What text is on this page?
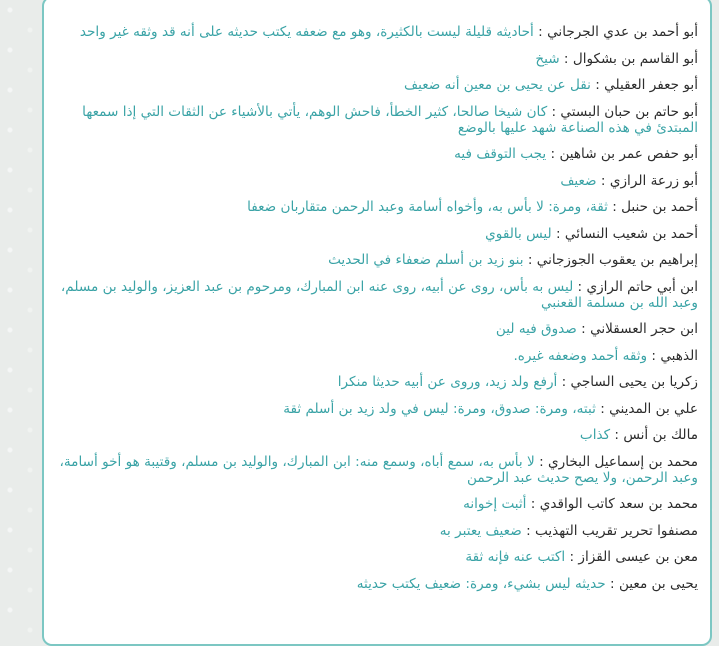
أبو أحمد بن عدي الجرجاني : أحاديثه قليلة ليست بالكثيرة، وهو مع ضعفه يكتب حديثه على أنه قد وثقه غير واحد
أبو القاسم بن بشكوال : شيخ
أبو جعفر العقيلي : نقل عن يحيى بن معين أنه ضعيف
أبو حاتم بن حبان البستي : كان شيخا صالحا، كثير الخطأ، فاحش الوهم، يأتي بالأشياء عن الثقات التي إذا سمعها المبتدئ في هذه الصناعة شهد عليها بالوضع
أبو حفص عمر بن شاهين : يجب التوقف فيه
أبو زرعة الرازي : ضعيف
أحمد بن حنبل : ثقة، ومرة: لا بأس به، وأخواه أسامة وعبد الرحمن متقاربان ضعفا
أحمد بن شعيب النسائي : ليس بالقوي
إبراهيم بن يعقوب الجوزجاني : بنو زيد بن أسلم ضعفاء في الحديث
ابن أبي حاتم الرازي : ليس به بأس، روى عن أبيه، روى عنه ابن المبارك، ومرحوم بن عبد العزيز، والوليد بن مسلم، وعبد الله بن مسلمة القعنبي
ابن حجر العسقلاني : صدوق فيه لين
الذهبي : وثقه أحمد وضعفه غيره.
زكريا بن يحيى الساجي : أرفع ولد زيد، وروى عن أبيه حديثا منكرا
علي بن المديني : ثبته، ومرة: صدوق، ومرة: ليس في ولد زيد بن أسلم ثقة
مالك بن أنس : كذاب
محمد بن إسماعيل البخاري : لا بأس به، سمع أباه، وسمع منه: ابن المبارك، والوليد بن مسلم، وقتيبة هو أخو أسامة، وعبد الرحمن، ولا يصح حديث عبد الرحمن
محمد بن سعد كاتب الواقدي : أثبت إخوانه
مصنفوا تحرير تقريب التهذيب : ضعيف يعتبر به
معن بن عيسى القزاز : اكتب عنه فإنه ثقة
يحيى بن معين : حديثه ليس بشيء، ومرة: ضعيف يكتب حديثه
